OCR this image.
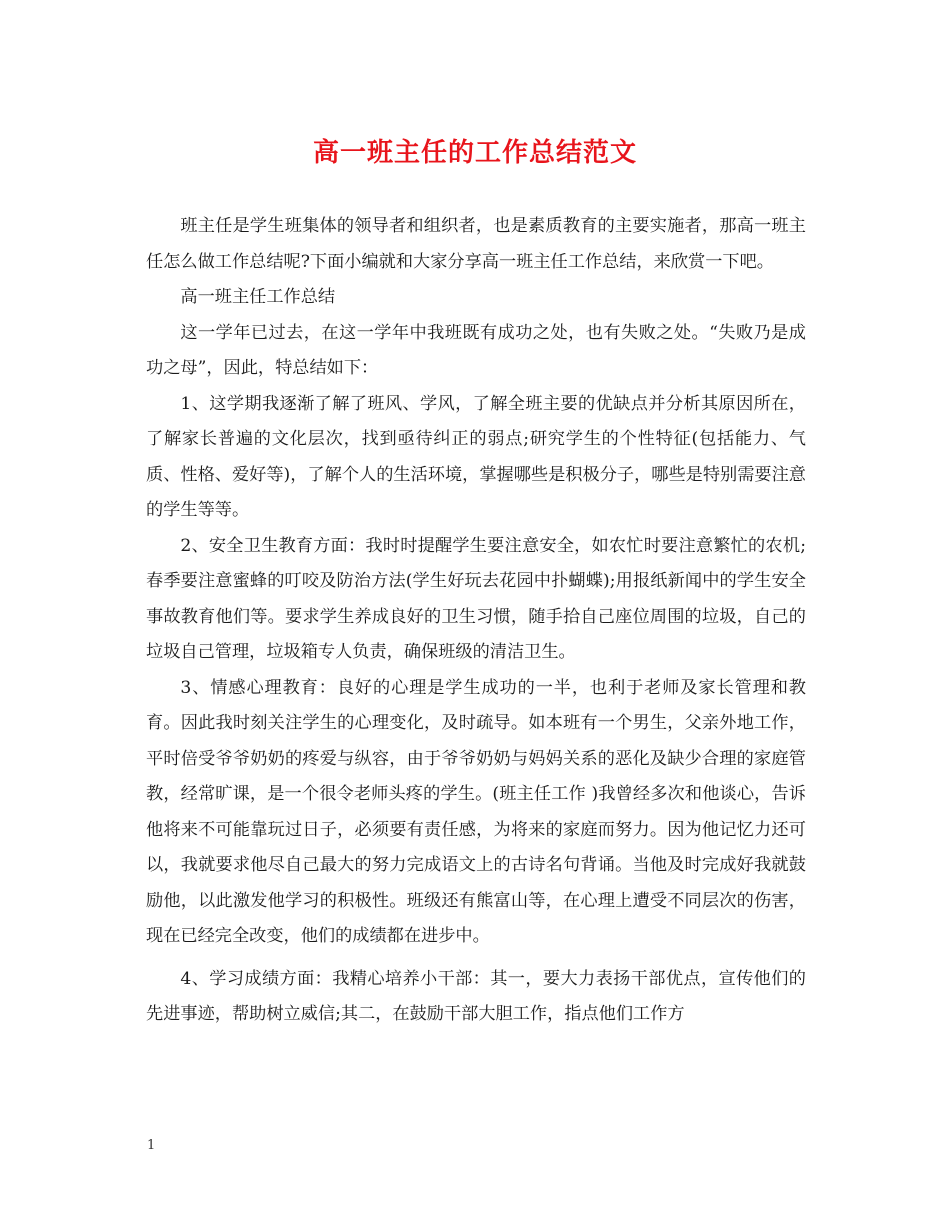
高一班主任的工作总结范文

班主任是学生班集体的领导者和组织者，也是素质教育的主要实施者，那高一班主任怎么做工作总结呢?下面小编就和大家分享高一班主任工作总结，来欣赏一下吧。

高一班主任工作总结

这一学年已过去，在这一学年中我班既有成功之处，也有失败之处。“失败乃是成功之母”，因此，特总结如下：

1、这学期我逐渐了解了班风、学风，了解全班主要的优缺点并分析其原因所在，了解家长普遍的文化层次，找到亟待纠正的弱点;研究学生的个性特征(包括能力、气质、性格、爱好等)，了解个人的生活环境，掌握哪些是积极分子，哪些是特别需要注意的学生等等。

2、安全卫生教育方面：我时时提醒学生要注意安全，如农忙时要注意繁忙的农机;春季要注意蜜蜂的叮咬及防治方法(学生好玩去花园中扑蝴蝶);用报纸新闻中的学生安全事故教育他们等。要求学生养成良好的卫生习惯，随手拾自己座位周围的垃圾，自己的垃圾自己管理，垃圾箱专人负责，确保班级的清洁卫生。

3、情感心理教育：良好的心理是学生成功的一半，也利于老师及家长管理和教育。因此我时刻关注学生的心理变化，及时疏导。如本班有一个男生，父亲外地工作，平时倍受爷爷奶奶的疼爱与纵容，由于爷爷奶奶与妈妈关系的恶化及缺少合理的家庭管教，经常旷课，是一个很令老师头疼的学生。(班主任工作 )我曾经多次和他谈心，告诉他将来不可能靠玩过日子，必须要有责任感，为将来的家庭而努力。因为他记忆力还可以，我就要求他尽自己最大的努力完成语文上的古诗名句背诵。当他及时完成好我就鼓励他，以此激发他学习的积极性。班级还有熊富山等，在心理上遭受不同层次的伤害，现在已经完全改变，他们的成绩都在进步中。

4、学习成绩方面：我精心培养小干部：其一，要大力表扬干部优点，宣传他们的先进事迹，帮助树立威信;其二，在鼓励干部大胆工作，指点他们工作方

1
